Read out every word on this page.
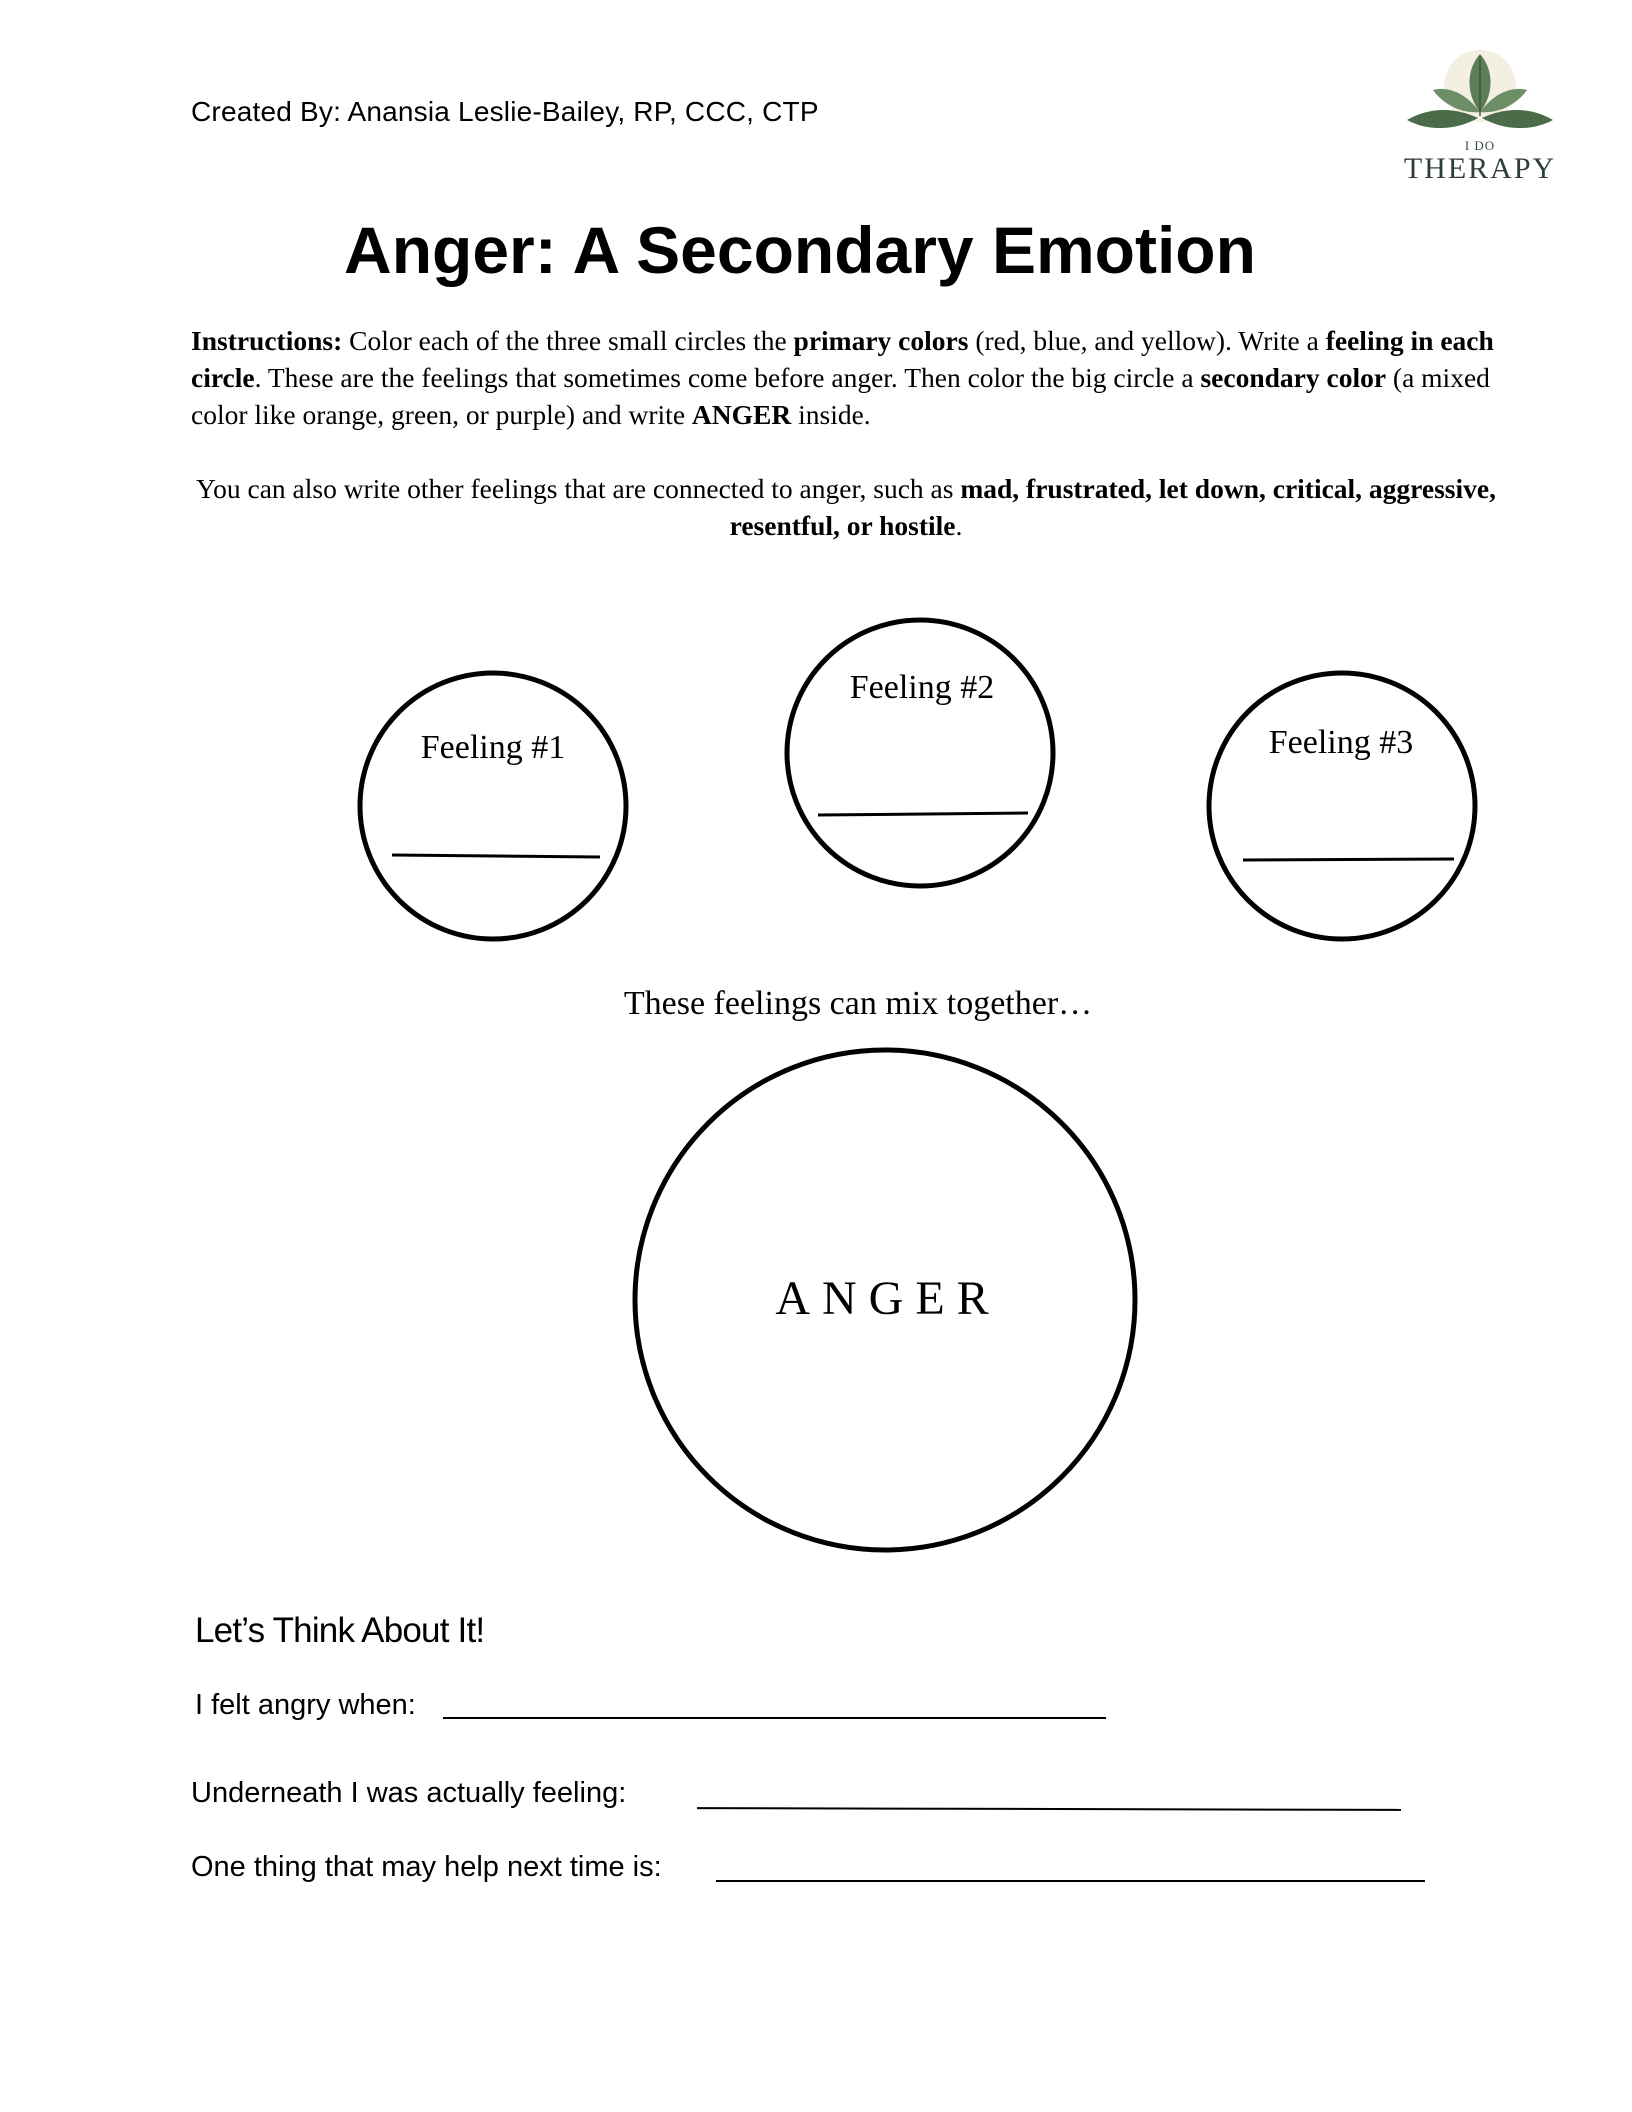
Created By: Anansia Leslie-Bailey, RP, CCC, CTP
I DO
THERAPY
Anger: A Secondary Emotion
Instructions: Color each of the three small circles the primary colors (red, blue, and yellow). Write a feeling in each circle. These are the feelings that sometimes come before anger. Then color the big circle a secondary color (a mixed color like orange, green, or purple) and write ANGER inside.
You can also write other feelings that are connected to anger, such as mad, frustrated, let down, critical, aggressive, resentful, or hostile.
Feeling #1
Feeling #2
Feeling #3
ANGER
These feelings can mix together…
Let’s Think About It!
I felt angry when:
Underneath I was actually feeling:
One thing that may help next time is:
